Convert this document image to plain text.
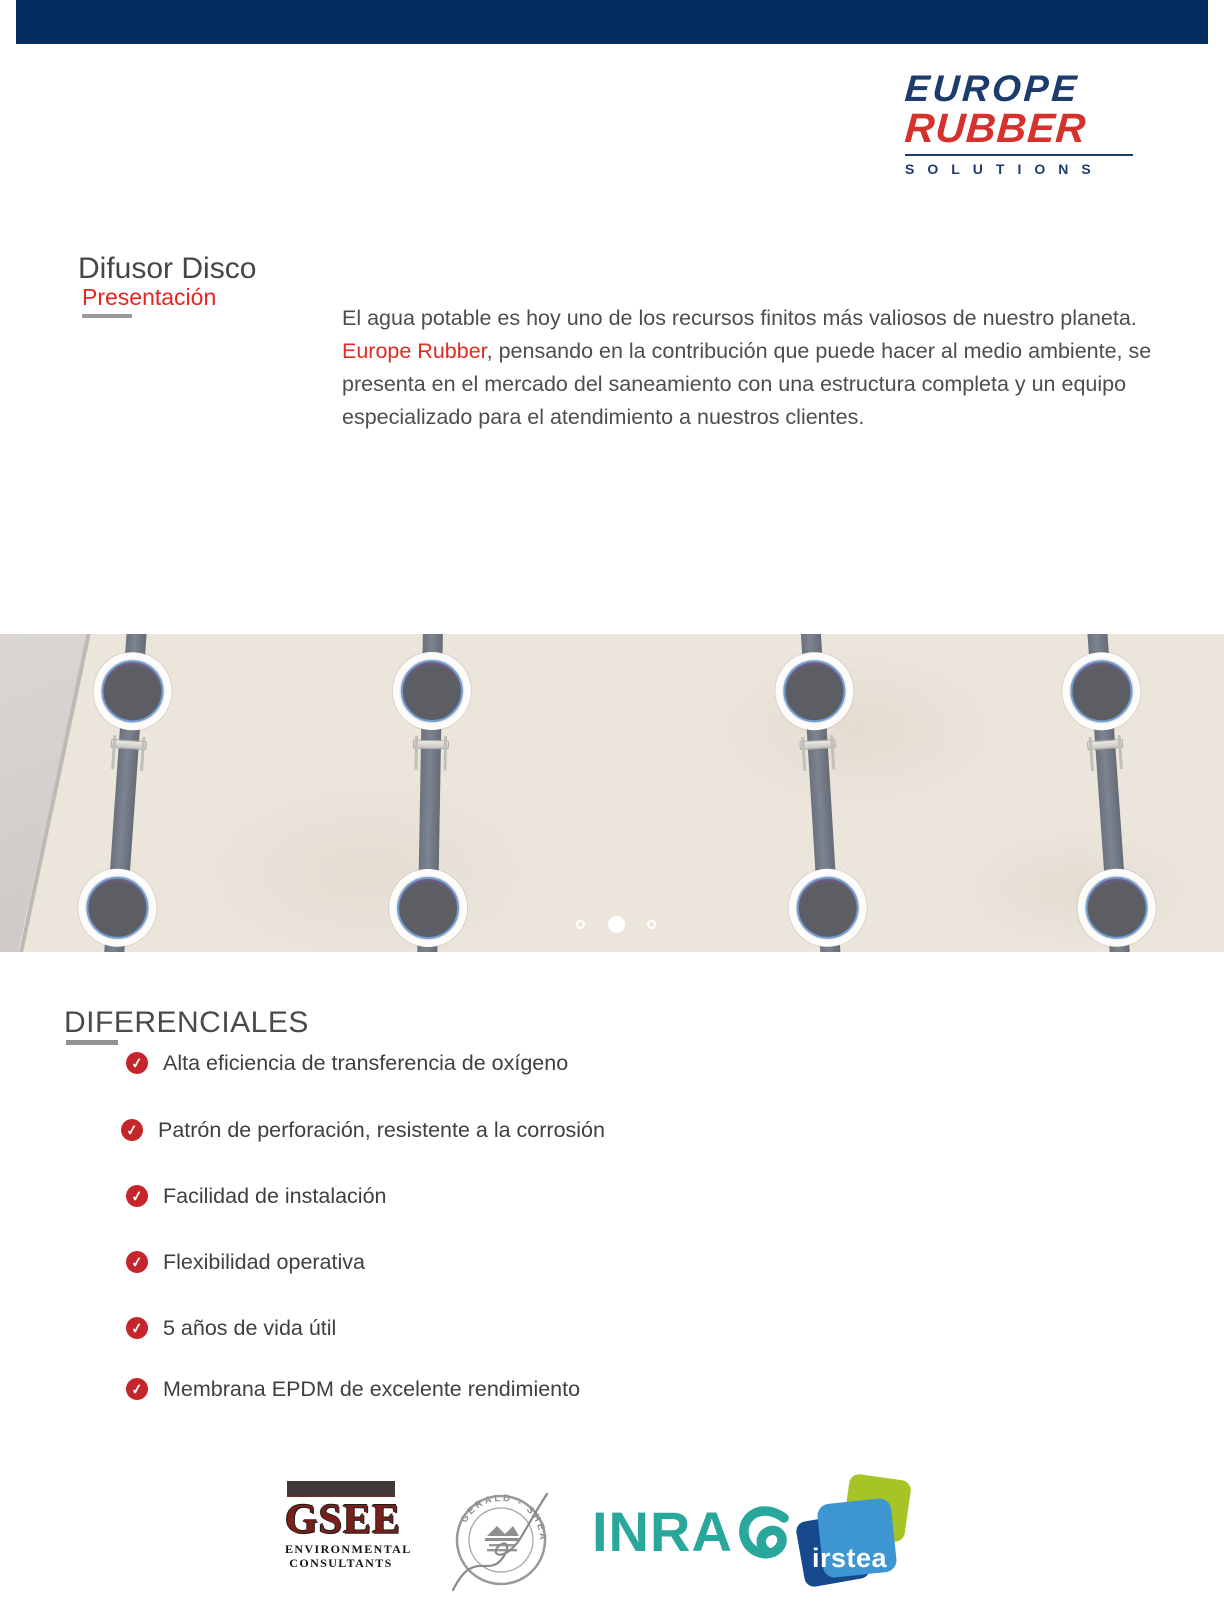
EUROPE
RUBBER
SOLUTIONS
Difusor Disco
Presentación

El agua potable es hoy uno de los recursos finitos más valiosos de nuestro planeta. Europe Rubber, pensando en la contribución que puede hacer al medio ambiente, se presenta en el mercado del saneamiento con una estructura completa y un equipo especializado para el atendimiento a nuestros clientes.

DIFERENCIALES
✓ Alta eficiencia de transferencia de oxígeno
✓ Patrón de perforación, resistente a la corrosión
✓ Facilidad de instalación
✓ Flexibilidad operativa
✓ 5 años de vida útil
✓ Membrana EPDM de excelente rendimiento
GSEE
ENVIRONMENTAL
CONSULTANTS
GERALD - SHEA INRA	irstea
